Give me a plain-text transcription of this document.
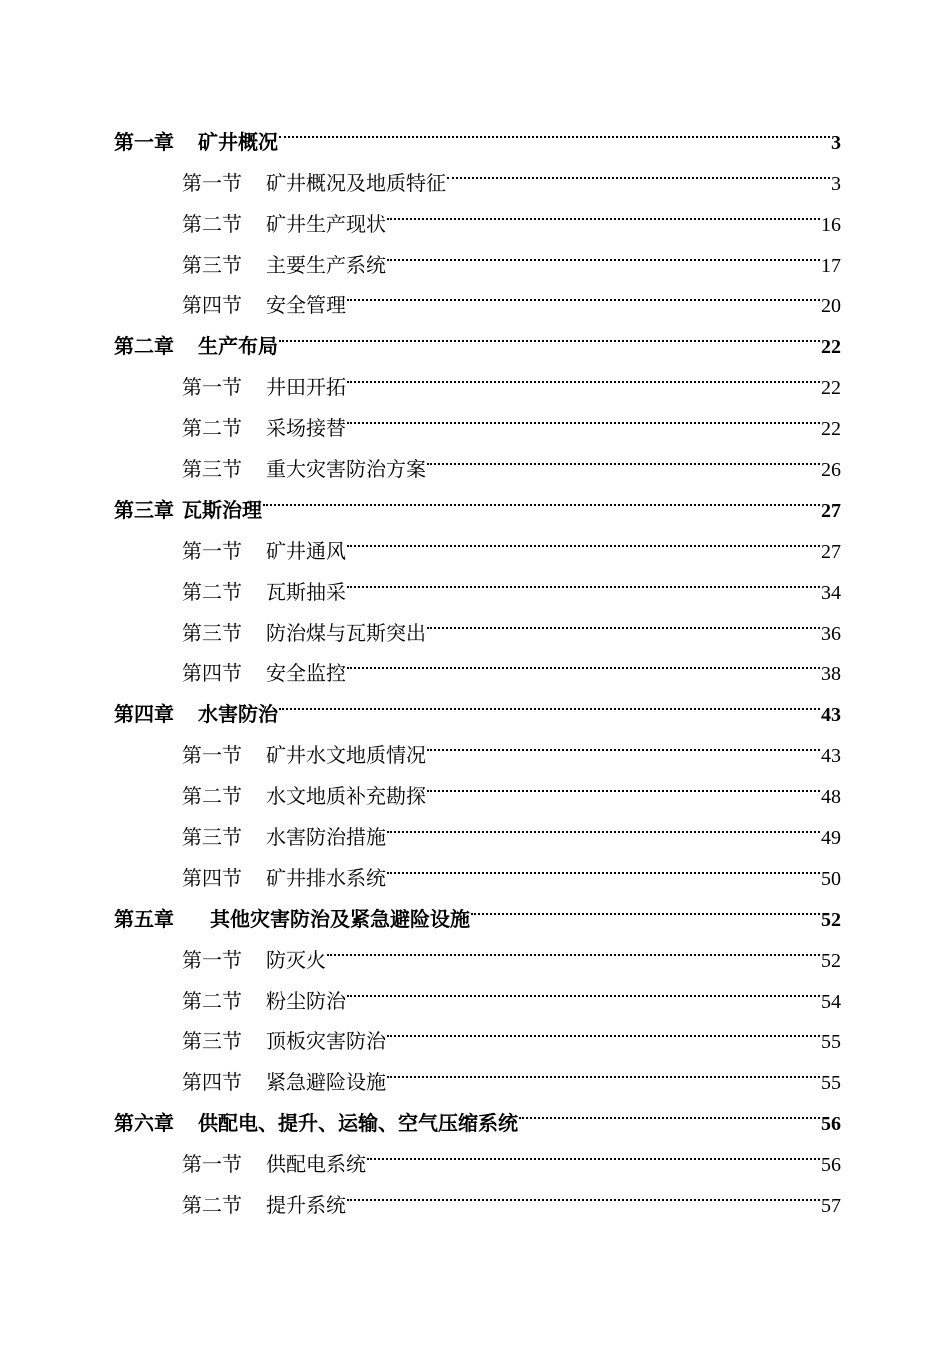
第一章 矿井概况	3
第一节 矿井概况及地质特征	3
第二节 矿井生产现状	16
第三节 主要生产系统	17
第四节 安全管理	20
第二章 生产布局	22
第一节 井田开拓	22
第二节 采场接替	22
第三节 重大灾害防治方案	26
第三章 瓦斯治理	27
第一节 矿井通风	27
第二节 瓦斯抽采	34
第三节 防治煤与瓦斯突出	36
第四节 安全监控	38
第四章 水害防治	43
第一节 矿井水文地质情况	43
第二节 水文地质补充勘探	48
第三节 水害防治措施	49
第四节 矿井排水系统	50
第五章 其他灾害防治及紧急避险设施	52
第一节 防灭火	52
第二节 粉尘防治	54
第三节 顶板灾害防治	55
第四节 紧急避险设施	55
第六章 供配电、提升、运输、空气压缩系统	56
第一节 供配电系统	56
第二节 提升系统	57
